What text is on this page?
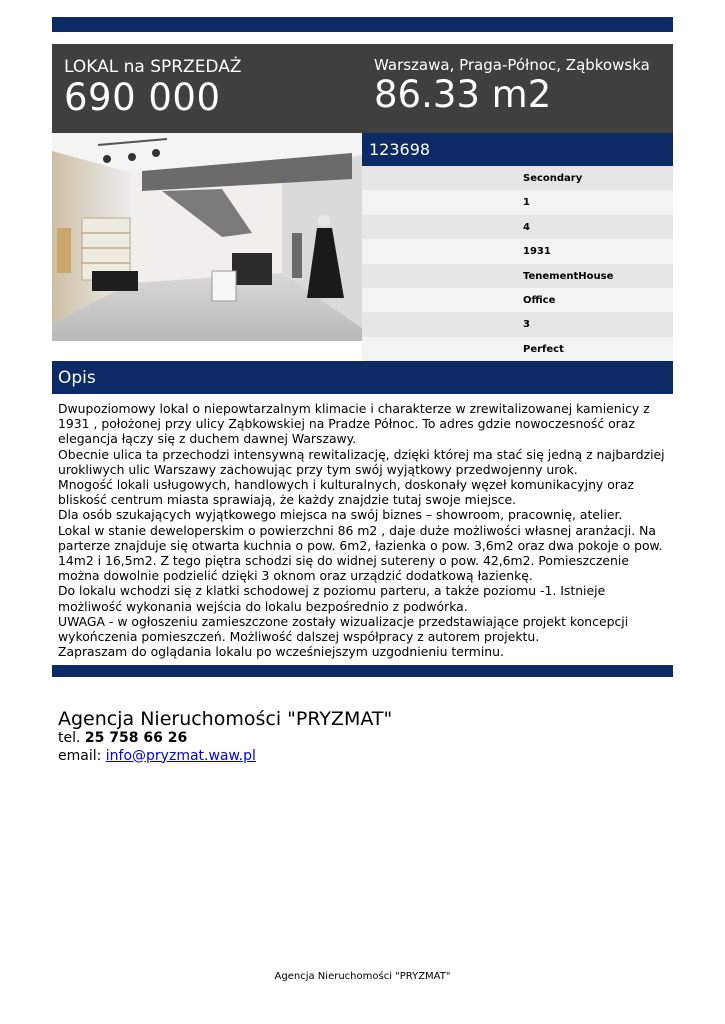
LOKAL na SPRZEDAŻ
690 000
Warszawa, Praga-Północ, Ząbkowska
86.33 m2
123698
Secondary
1
4
1931
TenementHouse
Office
3
Perfect
Opis

Dwupoziomowy lokal o niepowtarzalnym klimacie i charakterze w zrewitalizowanej kamienicy z 1931 , położonej przy ulicy Ząbkowskiej na Pradze Północ. To adres gdzie nowoczesność oraz elegancja łączy się z duchem dawnej Warszawy.

Obecnie ulica ta przechodzi intensywną rewitalizację, dzięki której ma stać się jedną z najbardziej urokliwych ulic Warszawy zachowując przy tym swój wyjątkowy przedwojenny urok.

Mnogość lokali usługowych, handlowych i kulturalnych, doskonały węzeł komunikacyjny oraz bliskość centrum miasta sprawiają, że każdy znajdzie tutaj swoje miejsce.

Dla osób szukających wyjątkowego miejsca na swój biznes – showroom, pracownię, atelier.

Lokal w stanie deweloperskim o powierzchni 86 m2 , daje duże możliwości własnej aranżacji. Na parterze znajduje się otwarta kuchnia o pow. 6m2, łazienka o pow. 3,6m2 oraz dwa pokoje o pow. 14m2 i 16,5m2. Z tego piętra schodzi się do widnej sutereny o pow. 42,6m2. Pomieszczenie można dowolnie podzielić dzięki 3 oknom oraz urządzić dodatkową łazienkę.

Do lokalu wchodzi się z klatki schodowej z poziomu parteru, a także poziomu -1. Istnieje możliwość wykonania wejścia do lokalu bezpośrednio z podwórka.

UWAGA - w ogłoszeniu zamieszczone zostały wizualizacje przedstawiające projekt koncepcji wykończenia pomieszczeń. Możliwość dalszej współpracy z autorem projektu.

Zapraszam do oglądania lokalu po wcześniejszym uzgodnieniu terminu.

Agencja Nieruchomości "PRYZMAT"
tel. 25 758 66 26
email: info@pryzmat.waw.pl
Agencja Nieruchomości "PRYZMAT"
